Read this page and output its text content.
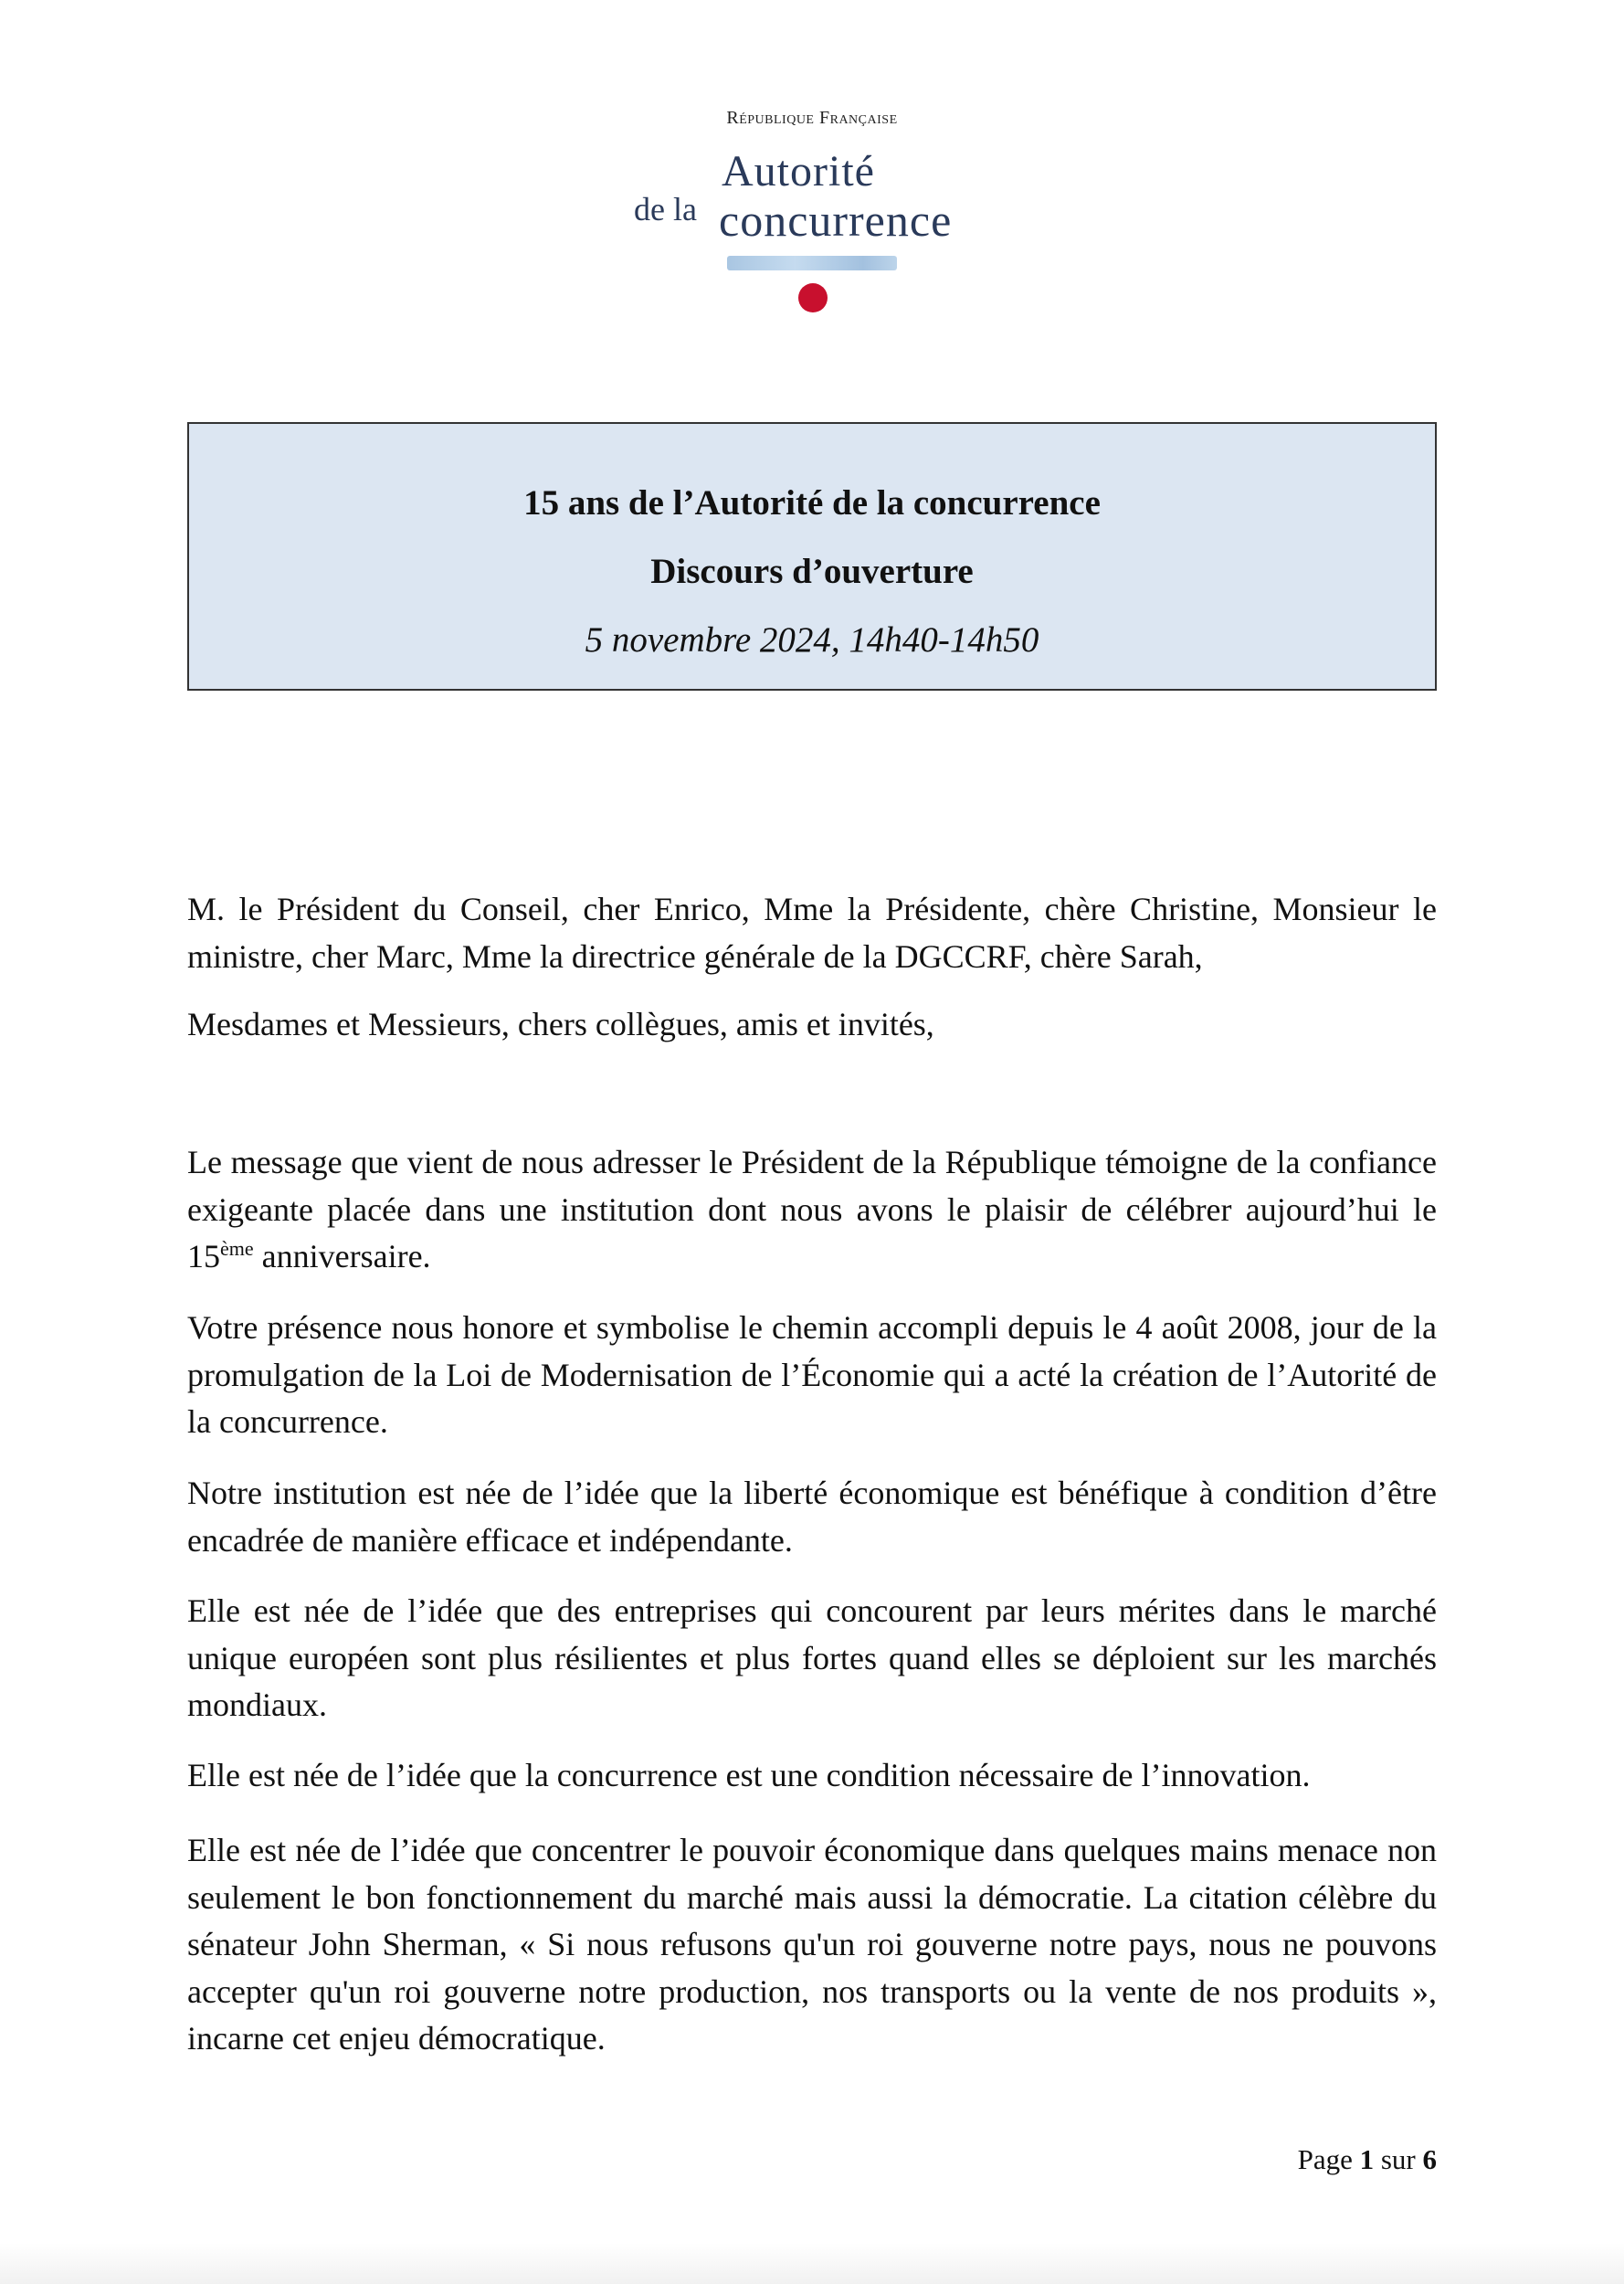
République Française
Autorité
de la concurrence
15 ans de l’Autorité de la concurrence
Discours d’ouverture
5 novembre 2024, 14h40-14h50
M. le Président du Conseil, cher Enrico, Mme la Présidente, chère Christine, Monsieur le ministre, cher Marc, Mme la directrice générale de la DGCCRF, chère Sarah,
Mesdames et Messieurs, chers collègues, amis et invités,
Le message que vient de nous adresser le Président de la République témoigne de la confiance exigeante placée dans une institution dont nous avons le plaisir de célébrer aujourd’hui le 15ème anniversaire.
Votre présence nous honore et symbolise le chemin accompli depuis le 4 août 2008, jour de la promulgation de la Loi de Modernisation de l’Économie qui a acté la création de l’Autorité de la concurrence.
Notre institution est née de l’idée que la liberté économique est bénéfique à condition d’être encadrée de manière efficace et indépendante.
Elle est née de l’idée que des entreprises qui concourent par leurs mérites dans le marché unique européen sont plus résilientes et plus fortes quand elles se déploient sur les marchés mondiaux.
Elle est née de l’idée que la concurrence est une condition nécessaire de l’innovation.
Elle est née de l’idée que concentrer le pouvoir économique dans quelques mains menace non seulement le bon fonctionnement du marché mais aussi la démocratie. La citation célèbre du sénateur John Sherman, « Si nous refusons qu'un roi gouverne notre pays, nous ne pouvons accepter qu'un roi gouverne notre production, nos transports ou la vente de nos produits », incarne cet enjeu démocratique.
Page 1 sur 6
